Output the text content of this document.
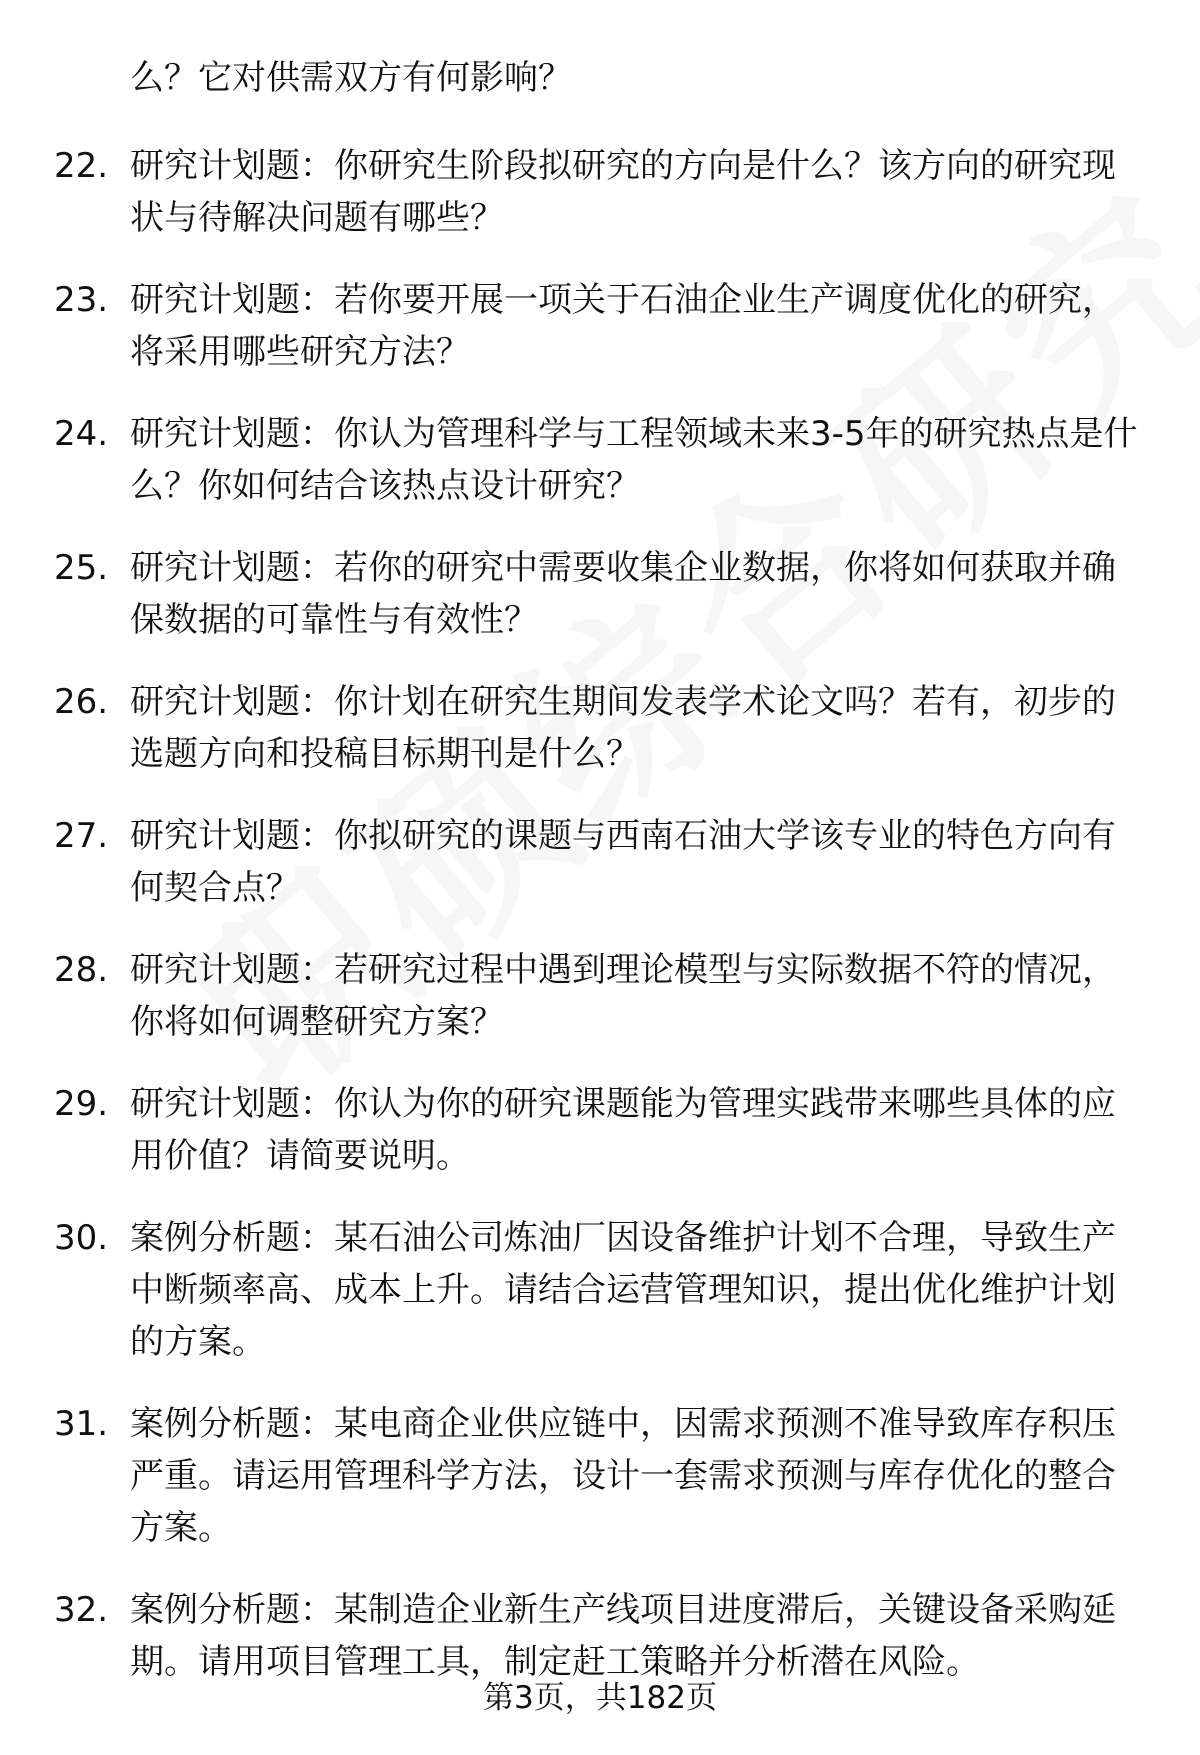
么？它对供需双方有何影响？
22. 研究计划题：你研究生阶段拟研究的方向是什么？该方向的研究现状与待解决问题有哪些？
23. 研究计划题：若你要开展一项关于石油企业生产调度优化的研究，将采用哪些研究方法？
24. 研究计划题：你认为管理科学与工程领域未来3-5年的研究热点是什么？你如何结合该热点设计研究？
25. 研究计划题：若你的研究中需要收集企业数据，你将如何获取并确保数据的可靠性与有效性？
26. 研究计划题：你计划在研究生期间发表学术论文吗？若有，初步的选题方向和投稿目标期刊是什么？
27. 研究计划题：你拟研究的课题与西南石油大学该专业的特色方向有何契合点？
28. 研究计划题：若研究过程中遇到理论模型与实际数据不符的情况，你将如何调整研究方案？
29. 研究计划题：你认为你的研究课题能为管理实践带来哪些具体的应用价值？请简要说明。
30. 案例分析题：某石油公司炼油厂因设备维护计划不合理，导致生产中断频率高、成本上升。请结合运营管理知识，提出优化维护计划的方案。
31. 案例分析题：某电商企业供应链中，因需求预测不准导致库存积压严重。请运用管理科学方法，设计一套需求预测与库存优化的整合方案。
32. 案例分析题：某制造企业新生产线项目进度滞后，关键设备采购延期。请用项目管理工具，制定赶工策略并分析潜在风险。
第3页，共182页
